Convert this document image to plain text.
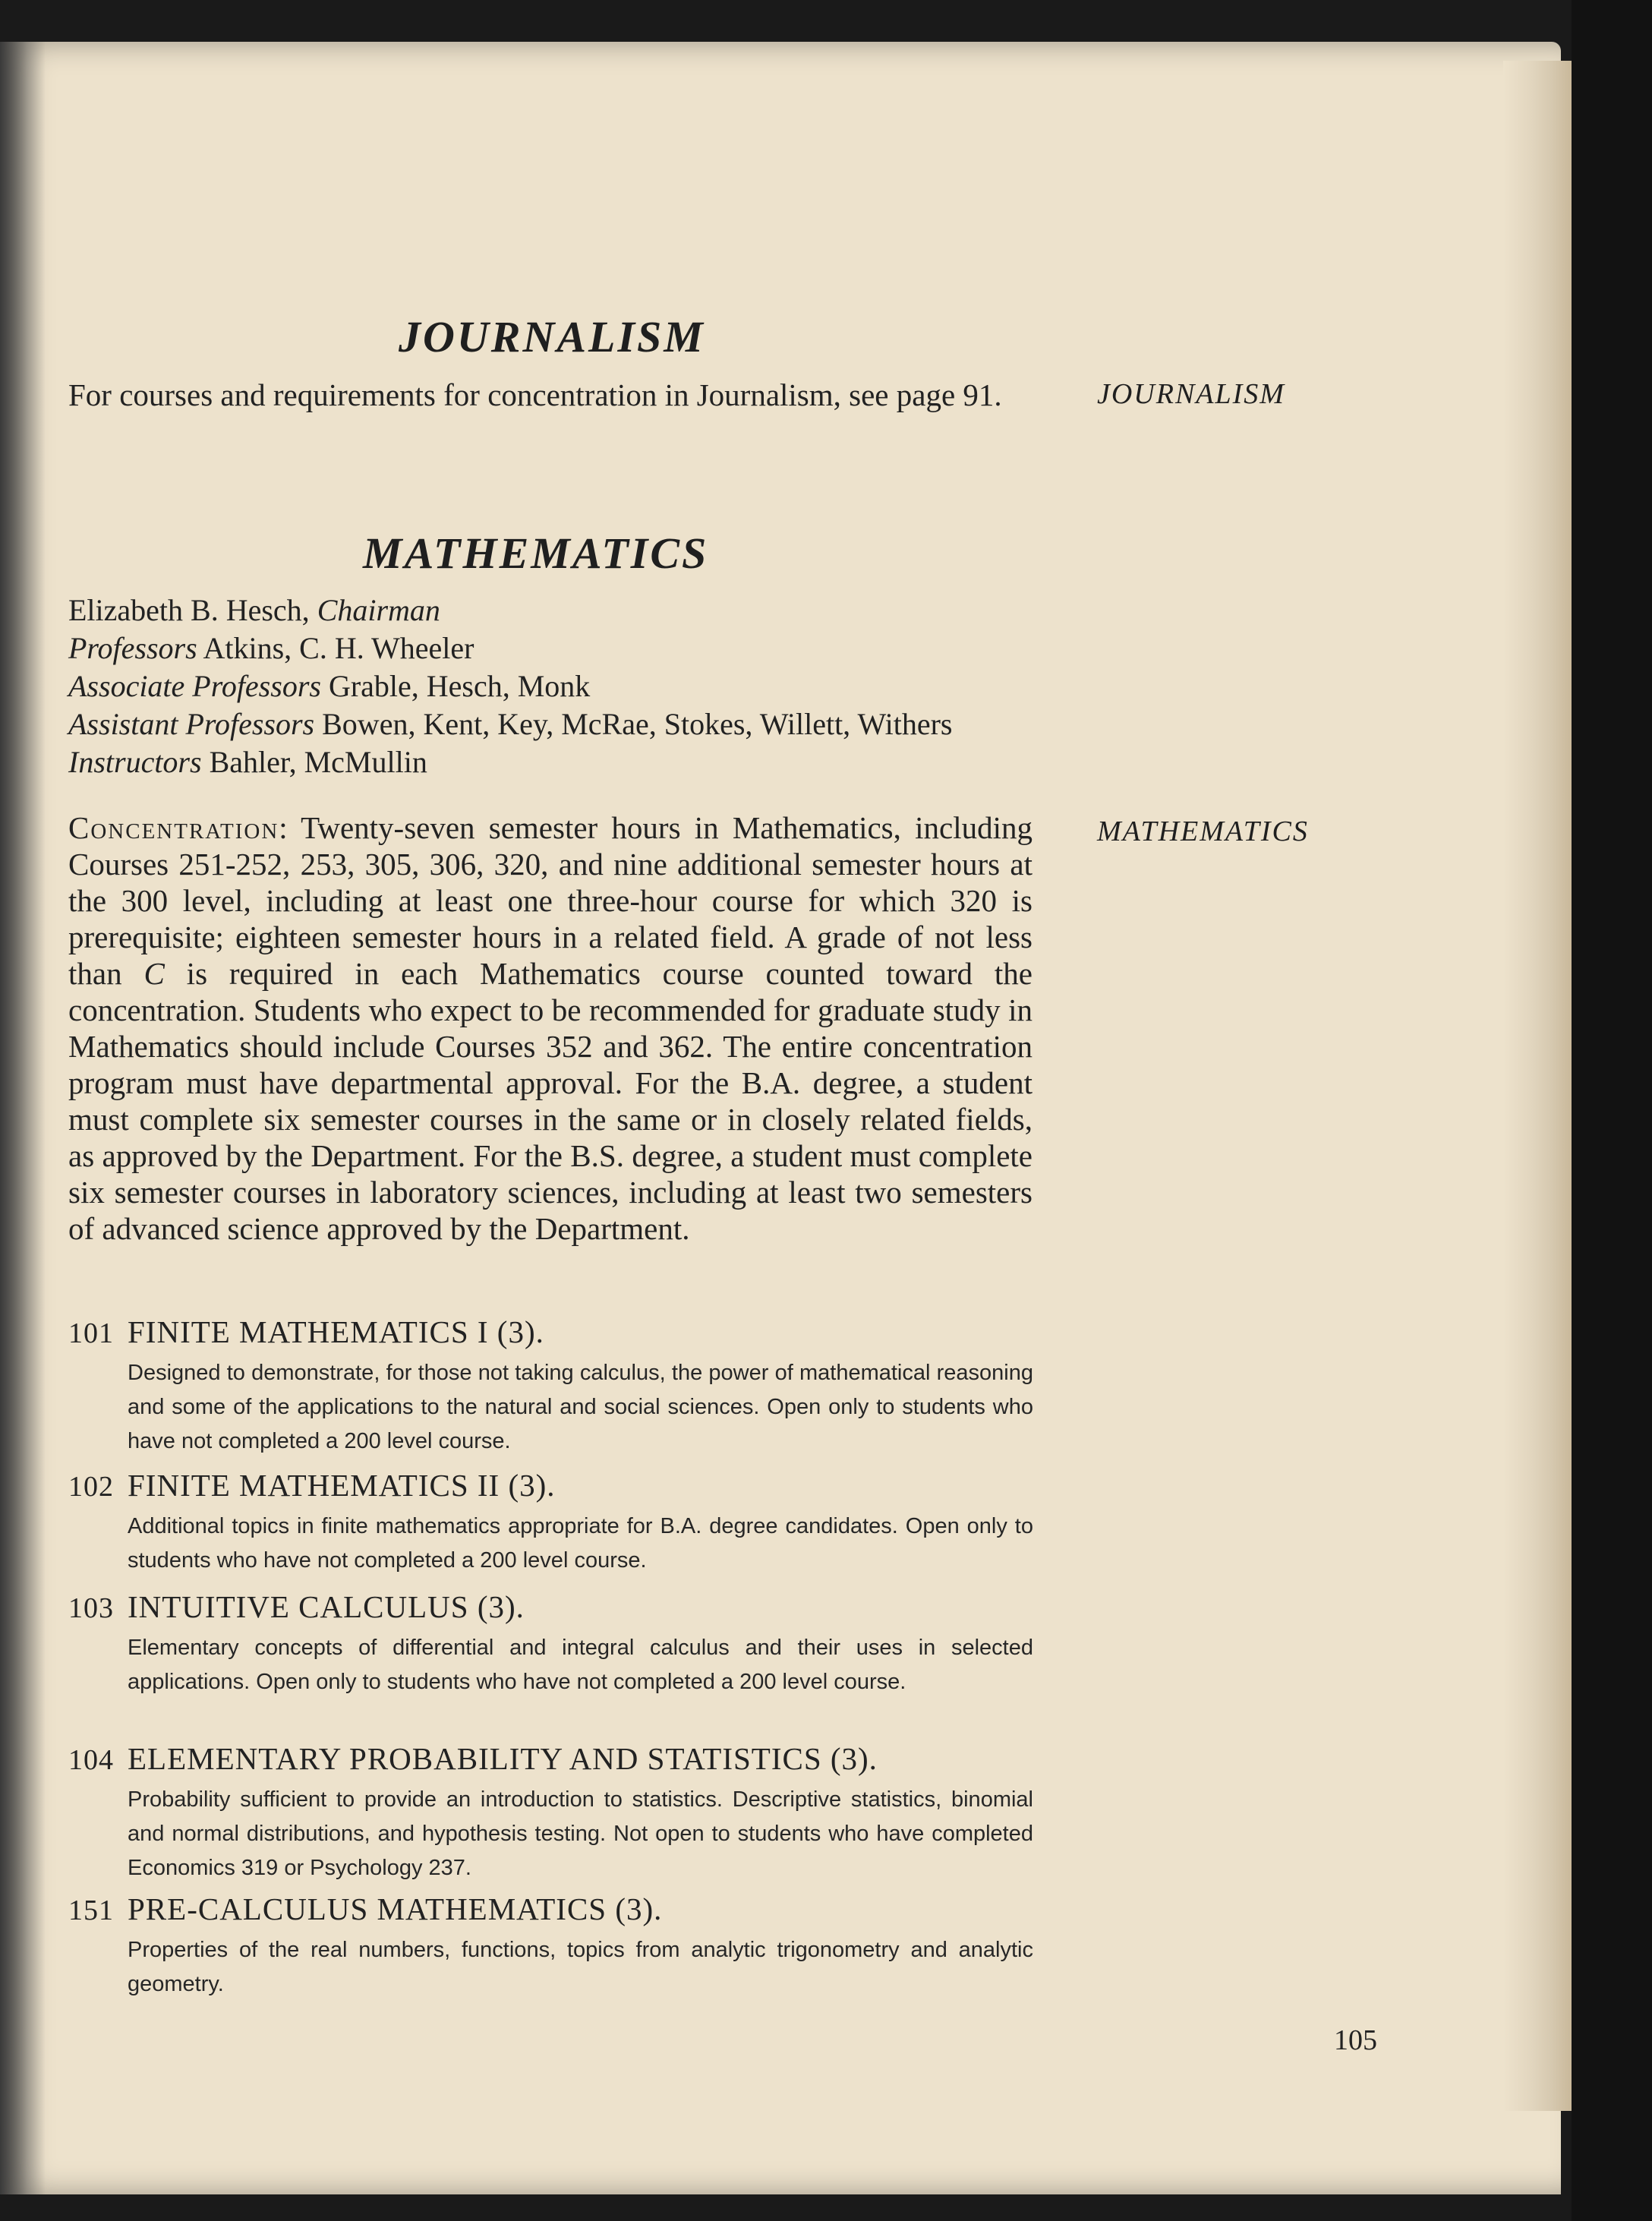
JOURNALISM

For courses and requirements for concentration in Journalism, see page 91.	JOURNALISM
MATHEMATICS
Elizabeth B. Hesch, Chairman
Professors Atkins, C. H. Wheeler
Associate Professors Grable, Hesch, Monk
Assistant Professors Bowen, Kent, Key, McRae, Stokes, Willett, Withers
Instructors Bahler, McMullin

Concentration: Twenty-seven semester hours in Mathematics, including Courses 251-252, 253, 305, 306, 320, and nine additional semester hours at the 300 level, including at least one three-hour course for which 320 is prerequisite; eighteen semester hours in a related field. A grade of not less than C is required in each Mathematics course counted toward the concentration. Students who expect to be recommended for graduate study in Mathematics should include Courses 352 and 362. The entire concentration program must have departmental approval. For the B.A. degree, a student must complete six semester courses in the same or in closely related fields, as approved by the Department. For the B.S. degree, a student must complete six semester courses in laboratory sciences, including at least two semesters of advanced science approved by the Department.

MATHEMATICS
101 FINITE MATHEMATICS I (3).

Designed to demonstrate, for those not taking calculus, the power of mathematical reasoning and some of the applications to the natural and social sciences. Open only to students who have not completed a 200 level course.

102 FINITE MATHEMATICS II (3).

Additional topics in finite mathematics appropriate for B.A. degree candidates. Open only to students who have not completed a 200 level course.

103 INTUITIVE CALCULUS (3).

Elementary concepts of differential and integral calculus and their uses in selected applications. Open only to students who have not completed a 200 level course.

104 ELEMENTARY PROBABILITY AND STATISTICS (3).

Probability sufficient to provide an introduction to statistics. Descriptive statistics, binomial and normal distributions, and hypothesis testing. Not open to students who have completed Economics 319 or Psychology 237.

151 PRE-CALCULUS MATHEMATICS (3).

Properties of the real numbers, functions, topics from analytic trigonometry and analytic geometry.

105
